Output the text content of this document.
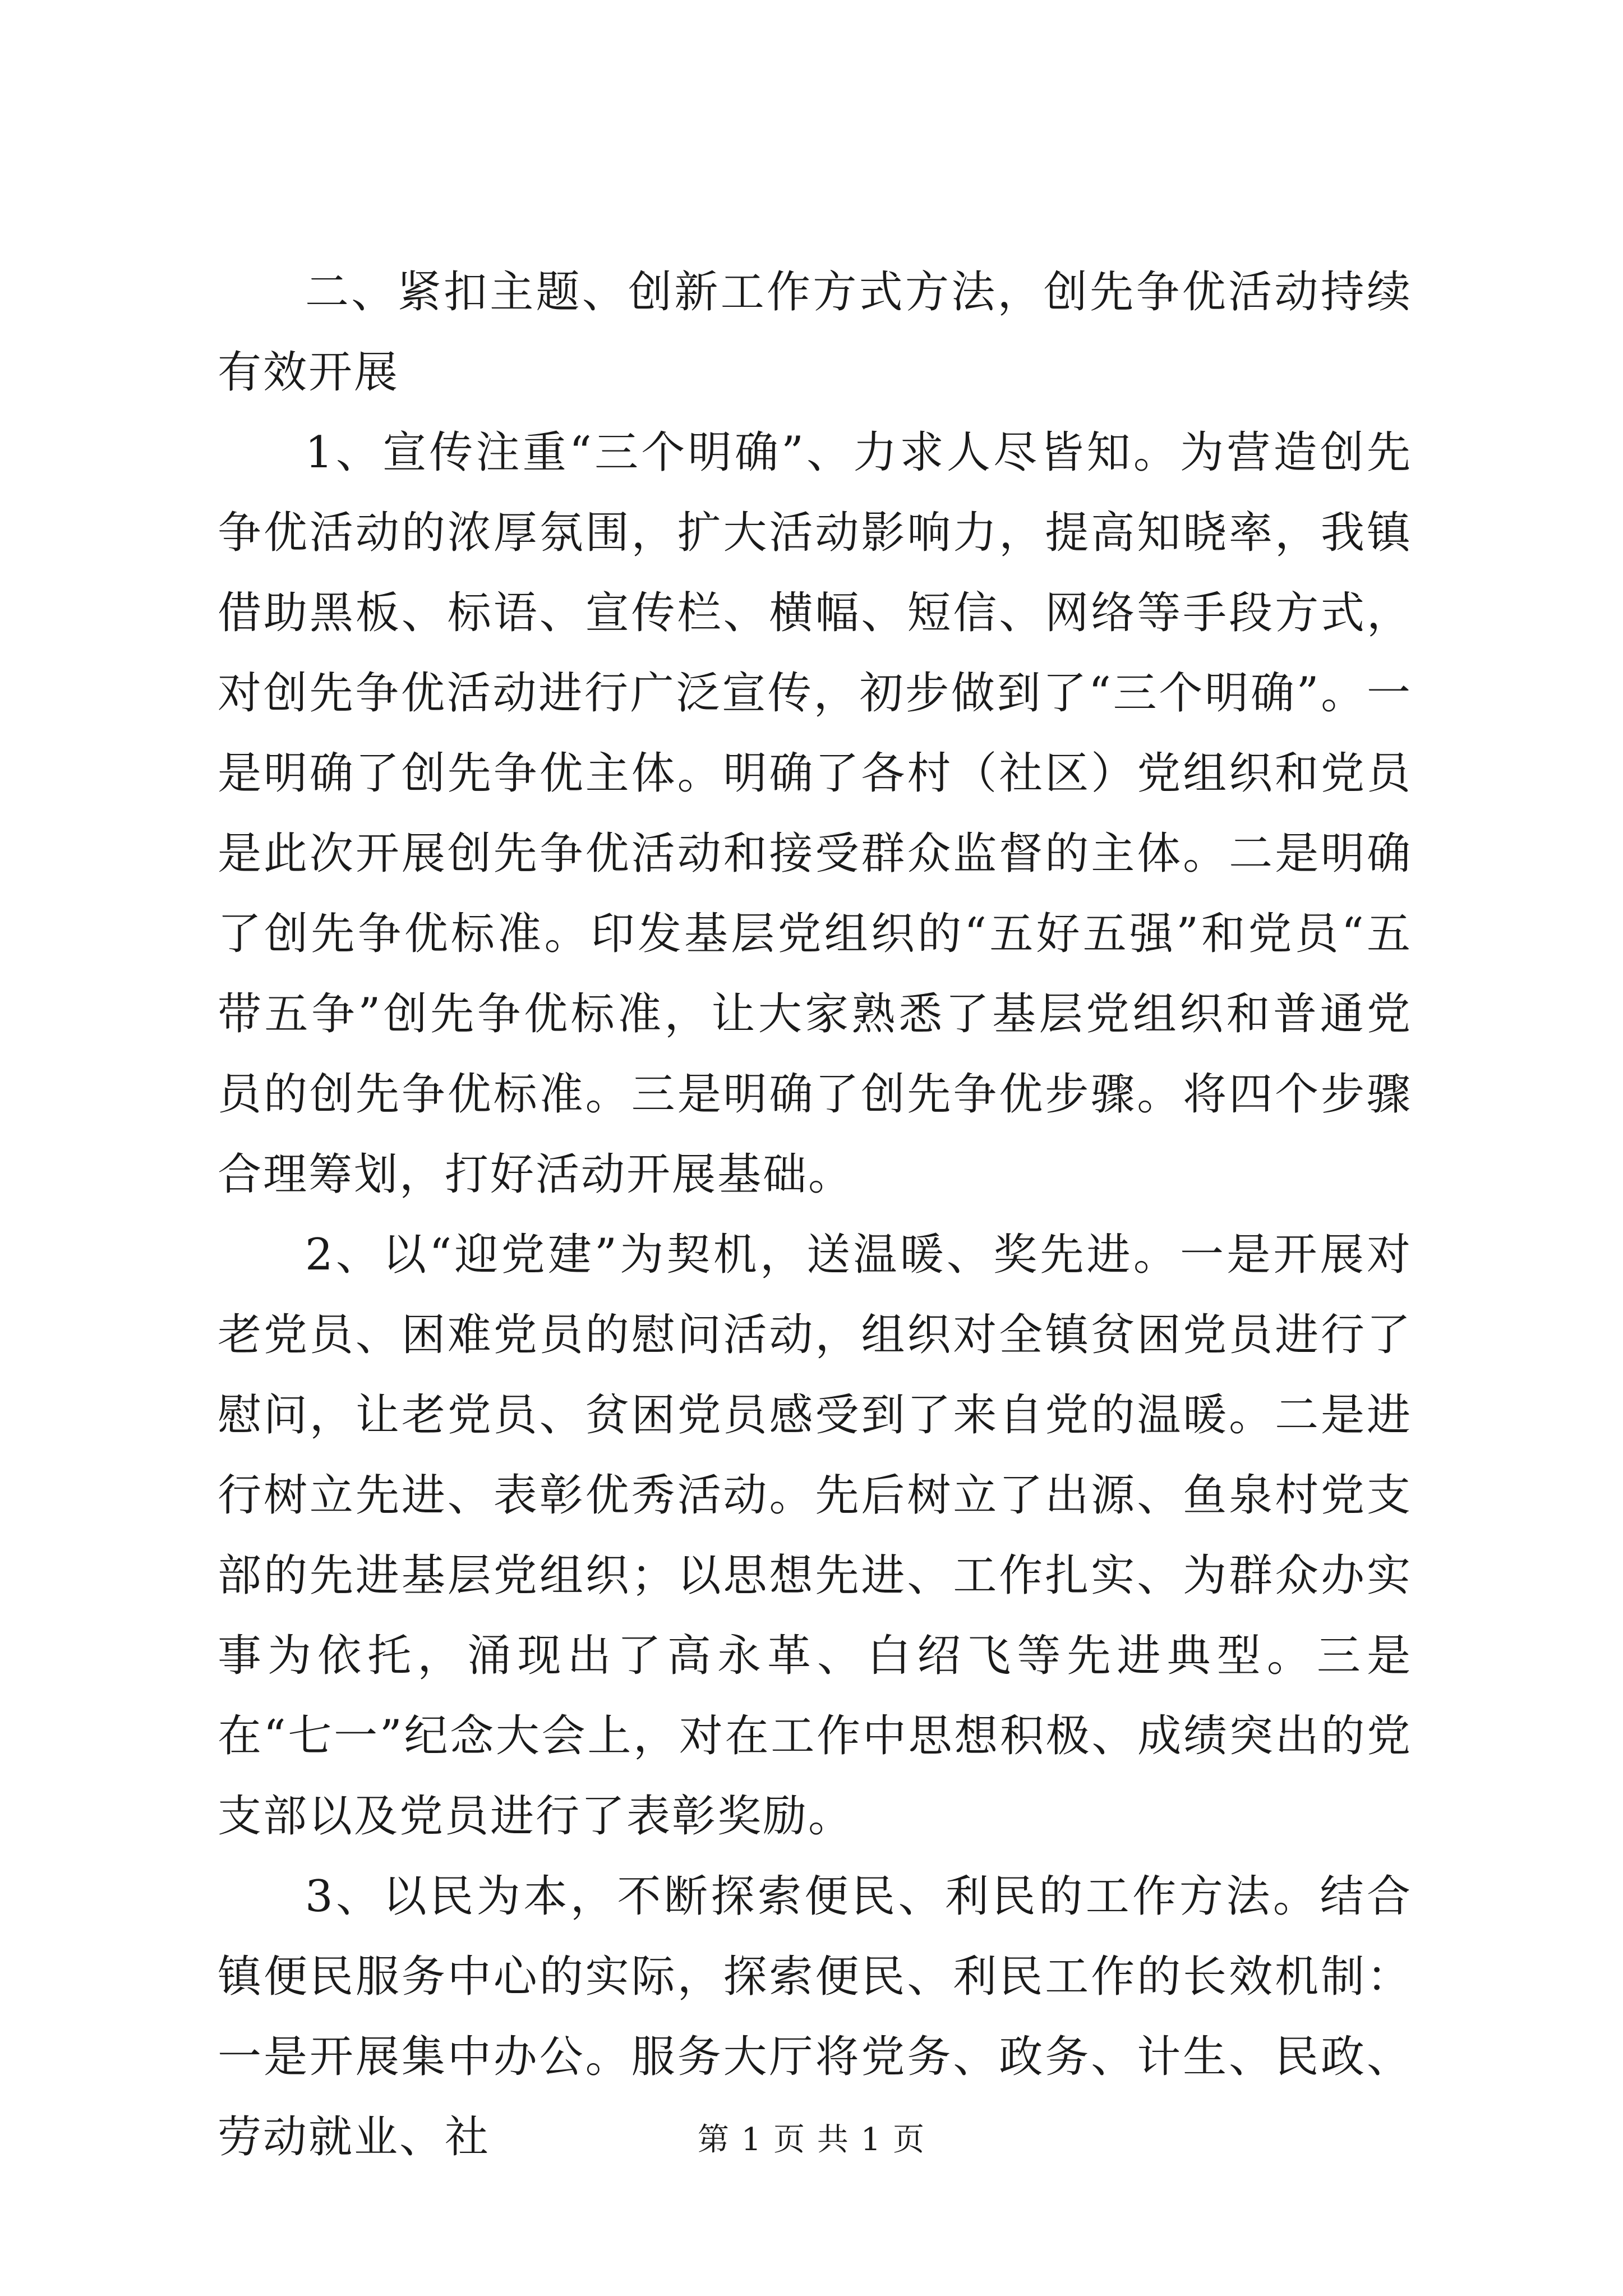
二、紧扣主题、创新工作方式方法，创先争优活动持续有效开展

1、宣传注重“三个明确”、力求人尽皆知。为营造创先争优活动的浓厚氛围，扩大活动影响力，提高知晓率，我镇借助黑板、标语、宣传栏、横幅、短信、网络等手段方式，对创先争优活动进行广泛宣传，初步做到了“三个明确”。一是明确了创先争优主体。明确了各村（社区）党组织和党员是此次开展创先争优活动和接受群众监督的主体。二是明确了创先争优标准。印发基层党组织的“五好五强”和党员“五带五争”创先争优标准，让大家熟悉了基层党组织和普通党员的创先争优标准。三是明确了创先争优步骤。将四个步骤合理筹划，打好活动开展基础。

2、以“迎党建”为契机，送温暖、奖先进。一是开展对老党员、困难党员的慰问活动，组织对全镇贫困党员进行了慰问，让老党员、贫困党员感受到了来自党的温暖。二是进行树立先进、表彰优秀活动。先后树立了出源、鱼泉村党支部的先进基层党组织；以思想先进、工作扎实、为群众办实事为依托，涌现出了高永革、白绍飞等先进典型。三是在“七一”纪念大会上，对在工作中思想积极、成绩突出的党支部以及党员进行了表彰奖励。

3、以民为本，不断探索便民、利民的工作方法。结合镇便民服务中心的实际，探索便民、利民工作的长效机制：一是开展集中办公。服务大厅将党务、政务、计生、民政、劳动就业、社	第 1 页 共 1 页
